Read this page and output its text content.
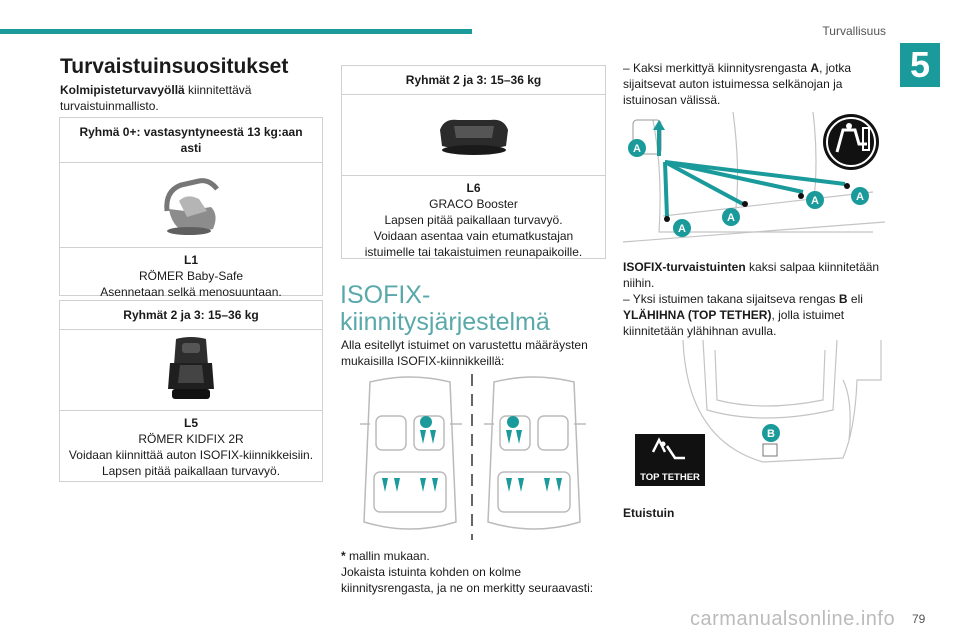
Turvallisuus
5
Turvaistuinsuositukset
Kolmipisteturvavyöllä kiinnitettävä turvaistuinmallisto.
Ryhmä 0+: vastasyntyneestä 13 kg:aan asti
L1
RÖMER Baby-Safe
Asennetaan selkä menosuuntaan.
Ryhmät 2 ja 3: 15–36 kg
L5
RÖMER KIDFIX 2R
Voidaan kiinnittää auton ISOFIX-kiinnikkeisiin.
Lapsen pitää paikallaan turvavyö.
Ryhmät 2 ja 3: 15–36 kg
L6
GRACO Booster
Lapsen pitää paikallaan turvavyö.
Voidaan asentaa vain etumatkustajan istuimelle tai takaistuimen reunapaikoille.
ISOFIX-
kiinnitysjärjestelmä
Alla esitellyt istuimet on varustettu määräysten mukaisilla ISOFIX-kiinnikkeillä:
* mallin mukaan.
Jokaista istuinta kohden on kolme kiinnitysrengasta, ja ne on merkitty seuraavasti:
– Kaksi merkittyä kiinnitysrengasta A, jotka sijaitsevat auton istuimessa selkänojan ja istuinosan välissä.
A
A
A
A	A
ISOFIX-turvaistuinten kaksi salpaa kiinnitetään niihin.
– Yksi istuimen takana sijaitseva rengas B eli YLÄHIHNA (TOP TETHER), jolla istuimet kiinnitetään ylähihnan avulla.
B
TOP TETHER
Etuistuin
carmanualsonline.info 79
